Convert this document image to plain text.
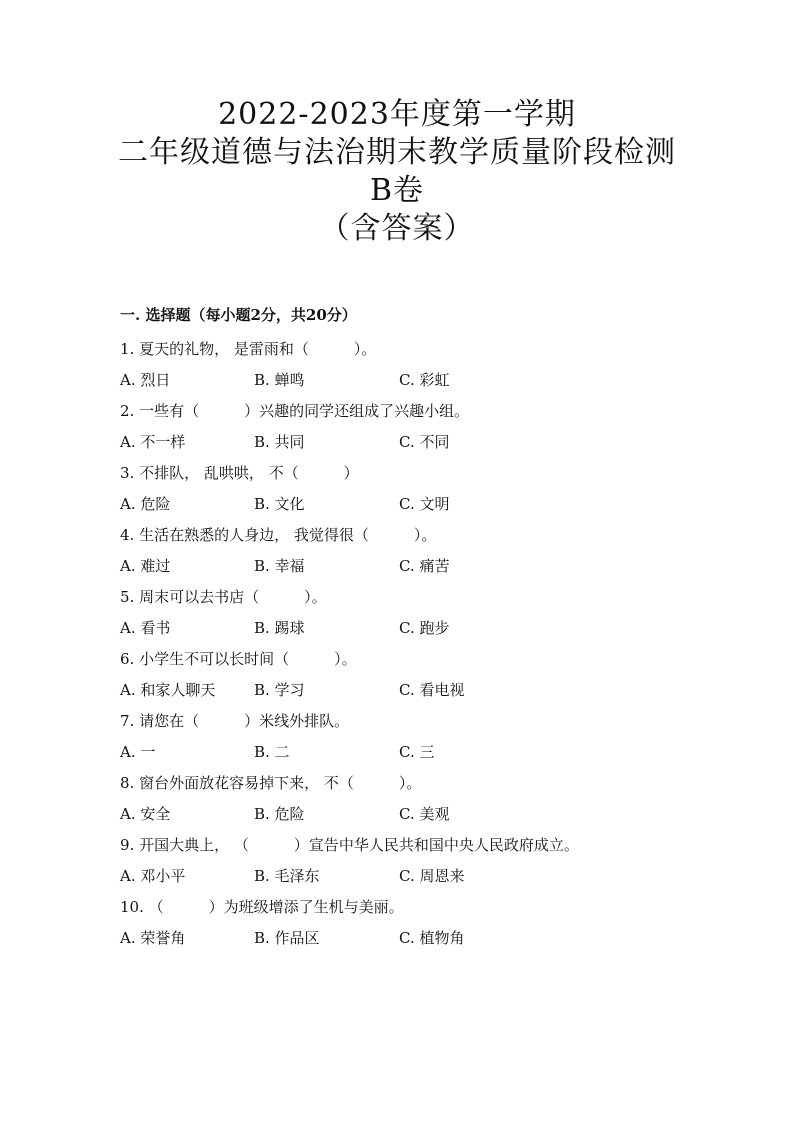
2022-2023年度第一学期
二年级道德与法治期末教学质量阶段检测
B卷
（含答案）
一. 选择题（每小题2分，共20分）
1. 夏天的礼物， 是雷雨和（　　　）。
A. 烈日	B. 蝉鸣	C. 彩虹
2. 一些有（　　　）兴趣的同学还组成了兴趣小组。
A. 不一样	B. 共同	C. 不同
3. 不排队， 乱哄哄， 不（　　　）
A. 危险	B. 文化	C. 文明
4. 生活在熟悉的人身边， 我觉得很（　　　）。
A. 难过	B. 幸福	C. 痛苦
5. 周末可以去书店（　　　）。
A. 看书	B. 踢球	C. 跑步
6. 小学生不可以长时间（　　　）。
A. 和家人聊天	B. 学习	C. 看电视
7. 请您在（　　　）米线外排队。
A. 一	B. 二	C. 三
8. 窗台外面放花容易掉下来， 不（　　　）。
A. 安全	B. 危险	C. 美观
9. 开国大典上， （　　　）宣告中华人民共和国中央人民政府成立。
A. 邓小平	B. 毛泽东	C. 周恩来
10. （　　　）为班级增添了生机与美丽。
A. 荣誉角	B. 作品区	C. 植物角
